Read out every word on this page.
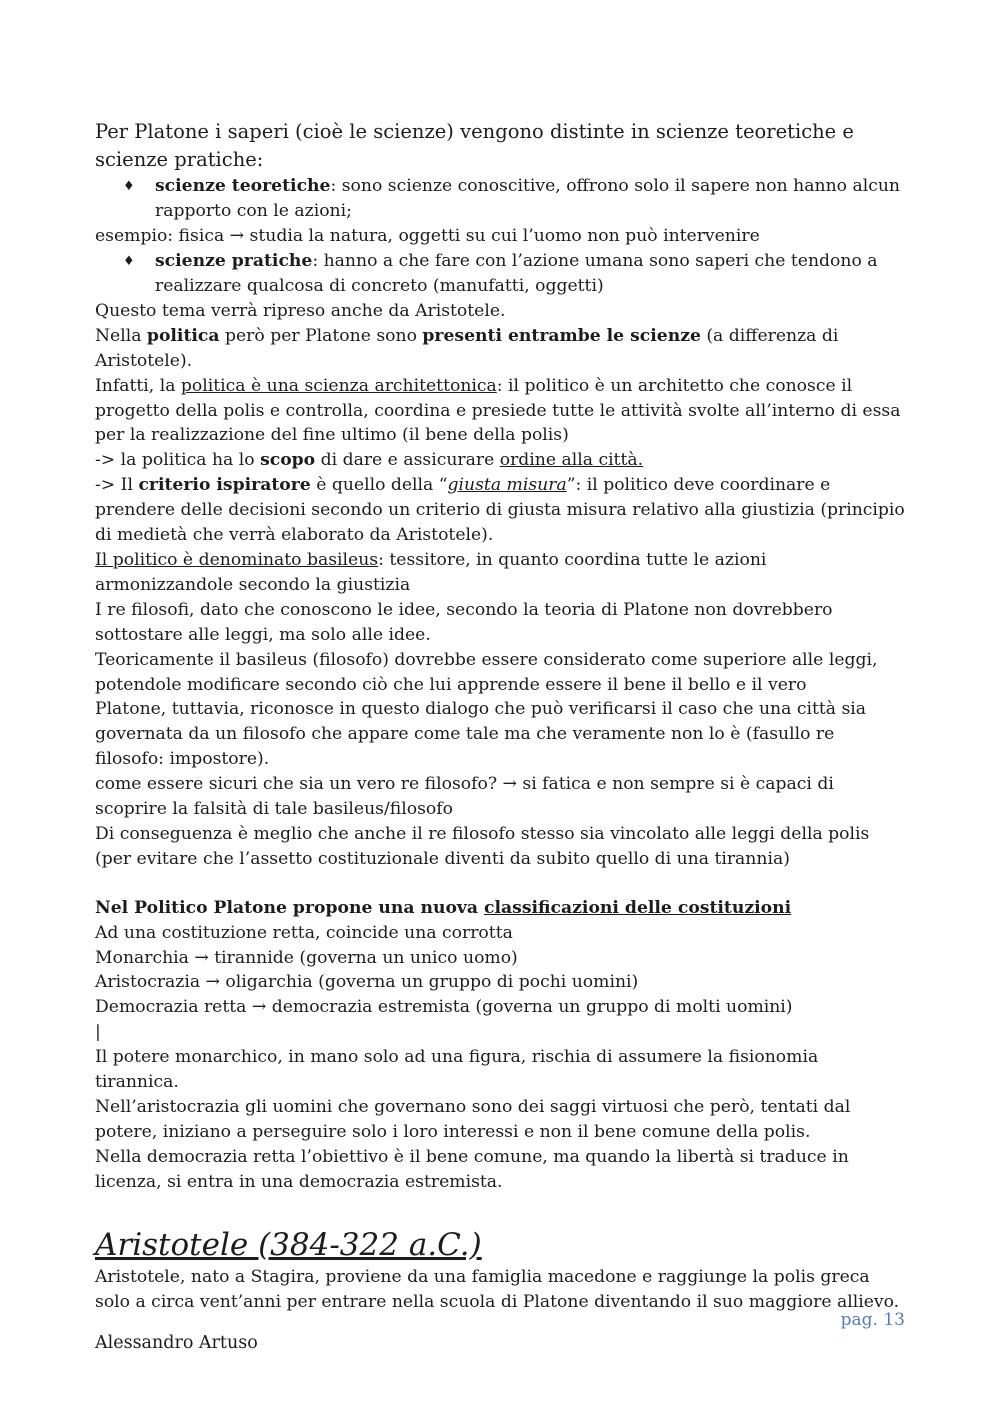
Per Platone i saperi (cioè le scienze) vengono distinte in scienze teoretiche e scienze pratiche:

♦ scienze teoretiche: sono scienze conoscitive, offrono solo il sapere non hanno alcun rapporto con le azioni;

esempio: fisica → studia la natura, oggetti su cui l’uomo non può intervenire

♦ scienze pratiche: hanno a che fare con l’azione umana sono saperi che tendono a realizzare qualcosa di concreto (manufatti, oggetti)

Questo tema verrà ripreso anche da Aristotele.

Nella politica però per Platone sono presenti entrambe le scienze (a differenza di Aristotele).

Infatti, la politica è una scienza architettonica: il politico è un architetto che conosce il progetto della polis e controlla, coordina e presiede tutte le attività svolte all’interno di essa per la realizzazione del fine ultimo (il bene della polis)

-> la politica ha lo scopo di dare e assicurare ordine alla città.

-> Il criterio ispiratore è quello della “giusta misura”: il politico deve coordinare e prendere delle decisioni secondo un criterio di giusta misura relativo alla giustizia (principio di medietà che verrà elaborato da Aristotele).

Il politico è denominato basileus: tessitore, in quanto coordina tutte le azioni armonizzandole secondo la giustizia

I re filosofi, dato che conoscono le idee, secondo la teoria di Platone non dovrebbero sottostare alle leggi, ma solo alle idee.

Teoricamente il basileus (filosofo) dovrebbe essere considerato come superiore alle leggi, potendole modificare secondo ciò che lui apprende essere il bene il bello e il vero

Platone, tuttavia, riconosce in questo dialogo che può verificarsi il caso che una città sia governata da un filosofo che appare come tale ma che veramente non lo è (fasullo re filosofo: impostore).

come essere sicuri che sia un vero re filosofo? → si fatica e non sempre si è capaci di scoprire la falsità di tale basileus/filosofo

Di conseguenza è meglio che anche il re filosofo stesso sia vincolato alle leggi della polis (per evitare che l’assetto costituzionale diventi da subito quello di una tirannia)

Nel Politico Platone propone una nuova classificazioni delle costituzioni

Ad una costituzione retta, coincide una corrotta

Monarchia → tirannide (governa un unico uomo)

Aristocrazia → oligarchia (governa un gruppo di pochi uomini)

Democrazia retta → democrazia estremista (governa un gruppo di molti uomini)

|

Il potere monarchico, in mano solo ad una figura, rischia di assumere la fisionomia tirannica.

Nell’aristocrazia gli uomini che governano sono dei saggi virtuosi che però, tentati dal potere, iniziano a perseguire solo i loro interessi e non il bene comune della polis.

Nella democrazia retta l’obiettivo è il bene comune, ma quando la libertà si traduce in licenza, si entra in una democrazia estremista.

Aristotele (384-322 a.C.)

Aristotele, nato a Stagira, proviene da una famiglia macedone e raggiunge la polis greca solo a circa vent’anni per entrare nella scuola di Platone diventando il suo maggiore allievo.

pag. 13
Alessandro Artuso
